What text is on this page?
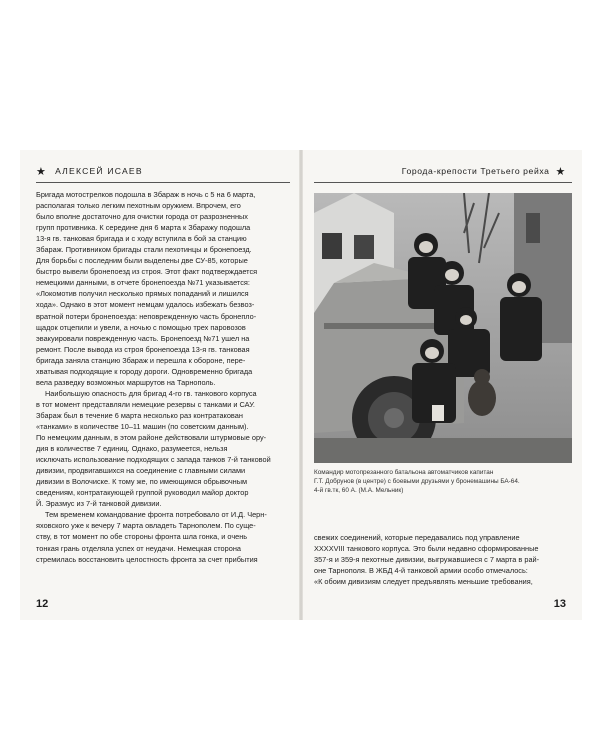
★ АЛЕКСЕЙ ИСАЕВ
Бригада мотострелков подошла в Збараж в ночь с 5 на 6 марта,
располагая только легким пехотным оружием. Впрочем, его
было вполне достаточно для очистки города от разрозненных
групп противника. К середине дня 6 марта к Збаражу подошла
13-я гв. танковая бригада и с ходу вступила в бой за станцию
Збараж. Противником бригады стали пехотинцы и бронепоезд.
Для борьбы с последним были выделены две СУ-85, которые
быстро вывели бронепоезд из строя. Этот факт подтверждается
немецкими данными, в отчете бронепоезда №71 указывается:
«Локомотив получил несколько прямых попаданий и лишился
хода». Однако в этот момент немцам удалось избежать безвоз-
вратной потери бронепоезда: неповрежденную часть бронепло-
щадок отцепили и увели, а ночью с помощью трех паровозов
эвакуировали поврежденную часть. Бронепоезд №71 ушел на
ремонт. После вывода из строя бронепоезда 13-я гв. танковая
бригада заняла станцию Збараж и перешла к обороне, пере-
хватывая подходящие к городу дороги. Одновременно бригада
вела разведку возможных маршрутов на Тарнополь.
Наибольшую опасность для бригад 4-го гв. танкового корпуса
в тот момент представляли немецкие резервы с танками и САУ.
Збараж был в течение 6 марта несколько раз контратакован
«танками» в количестве 10–11 машин (по советским данным).
По немецким данным, в этом районе действовали штурмовые ору-
дия в количестве 7 единиц. Однако, разумеется, нельзя
исключать использование подходящих с запада танков 7-й танковой
дивизии, продвигавшихся на соединение с главными силами
дивизии в Волочиске. К тому же, по имеющимся обрывочным
сведениям, контратакующей группой руководил майор доктор
Й. Эразмус из 7-й танковой дивизии.
Тем временем командование фронта потребовало от И.Д. Черн-
яховского уже к вечеру 7 марта овладеть Тарнополем. По суще-
ству, в тот момент по обе стороны фронта шла гонка, и очень
тонкая грань отделяла успех от неудачи. Немецкая сторона
стремилась восстановить целостность фронта за счет прибытия
12
Города-крепости Третьего рейха ★
Командир мотопрезанного батальона автоматчиков капитан
Г.Т. Добрунов (в центре) с боевыми друзьями у бронемашины БА-64.
4-й гв.тк, 60 А. (М.А. Мельник)
свежих соединений, которые передавались под управление
XXXXVIII танкового корпуса. Это были недавно сформированные
357-я и 359-я пехотные дивизии, выгружавшиеся с 7 марта в рай-
оне Тарнополя. В ЖБД 4-й танковой армии особо отмечалось:
«К обоим дивизиям следует предъявлять меньшие требования,
13
